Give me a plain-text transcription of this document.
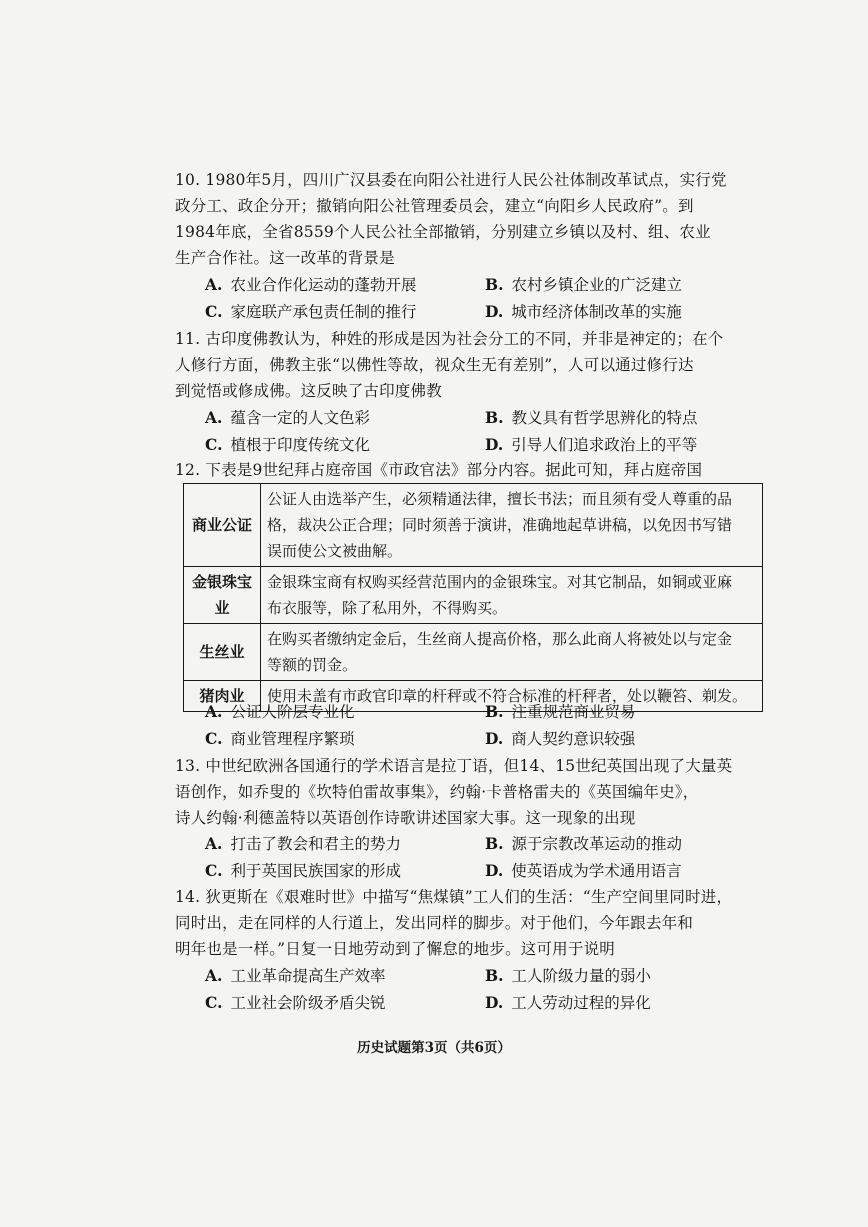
10. 1980年5月，四川广汉县委在向阳公社进行人民公社体制改革试点，实行党
政分工、政企分开；撤销向阳公社管理委员会，建立“向阳乡人民政府”。到
1984年底，全省8559个人民公社全部撤销，分别建立乡镇以及村、组、农业
生产合作社。这一改革的背景是
A. 农业合作化运动的蓬勃开展	B. 农村乡镇企业的广泛建立
C. 家庭联产承包责任制的推行	D. 城市经济体制改革的实施
11. 古印度佛教认为，种姓的形成是因为社会分工的不同，并非是神定的；在个
人修行方面，佛教主张“以佛性等故，视众生无有差别”，人可以通过修行达
到觉悟或修成佛。这反映了古印度佛教
A. 蕴含一定的人文色彩	B. 教义具有哲学思辨化的特点
C. 植根于印度传统文化	D. 引导人们追求政治上的平等
12. 下表是9世纪拜占庭帝国《市政官法》部分内容。据此可知，拜占庭帝国
商业公证	公证人由选举产生，必须精通法律，擅长书法；而且须有受人尊重的品
格，裁决公正合理；同时须善于演讲，准确地起草讲稿，以免因书写错
误而使公文被曲解。

金银珠宝业	金银珠宝商有权购买经营范围内的金银珠宝。对其它制品，如铜或亚麻
布衣服等，除了私用外，不得购买。

生丝业	在购买者缴纳定金后，生丝商人提高价格，那么此商人将被处以与定金
等额的罚金。

猪肉业	使用未盖有市政官印章的杆秤或不符合标准的杆秤者，处以鞭笞、剃发。
A. 公证人阶层专业化	B. 注重规范商业贸易
C. 商业管理程序繁琐	D. 商人契约意识较强
13. 中世纪欧洲各国通行的学术语言是拉丁语，但14、15世纪英国出现了大量英
语创作，如乔叟的《坎特伯雷故事集》，约翰·卡普格雷夫的《英国编年史》，
诗人约翰·利德盖特以英语创作诗歌讲述国家大事。这一现象的出现
A. 打击了教会和君主的势力	B. 源于宗教改革运动的推动
C. 利于英国民族国家的形成	D. 使英语成为学术通用语言
14. 狄更斯在《艰难时世》中描写“焦煤镇”工人们的生活：“生产空间里同时进，
同时出，走在同样的人行道上，发出同样的脚步。对于他们，今年跟去年和
明年也是一样。”日复一日地劳动到了懈怠的地步。这可用于说明
A. 工业革命提高生产效率	B. 工人阶级力量的弱小
C. 工业社会阶级矛盾尖锐	D. 工人劳动过程的异化
历史试题第3页（共6页）
